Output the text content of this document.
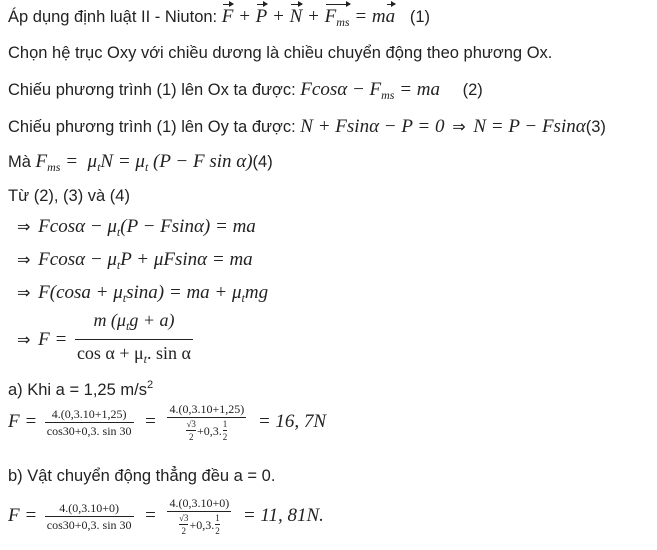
Áp dụng định luật II - Niuton: $F + P + N + F_{ms}$ = ma (1)
Chọn hệ trục Oxy với chiều dương là chiều chuyển động theo phương Ox.
Chiếu phương trình (1) lên Ox ta được: $Fcos\alpha - F_{ms}$ = ma (2)
Chiếu phương trình (1) lên Oy ta được: N + Fsinα − P = 0 ⇒ N = P − Fsinα(3)
Mà $F_{ms} = \mu_tN = \mu_t$ (P − F sin α)(4)
Từ (2), (3) và (4)
⇒ $Fcos\alpha - \mu_t(P - Fsin\alpha)$ = ma
⇒ $Fcos\alpha - \mu_tP + \mu Fsin\alpha$ = ma
⇒ $F(\cos a + \mu_t\sin a)$ = ma + $\mu_tmg$
⇒ $F = \frac{m (\mu_tg + a)}{\cos \alpha + \mu_t. \sin \alpha}$
a) Khi a = 1,25 $m/s^2$
$F = \frac{4.(0,3.10+1,25)}{\cos 30+0,3. \sin 30} = \frac{4.(0,3.10+1,25)}{\frac{√3}{2} +0,3. \frac{1}{2}} = 16$, 7N
b) Vật chuyển động thẳng đều a = 0.
$F = \frac{4.(0,3.10+0)}{\cos 30+0,3. \sin 30} = \frac{4.(0,3.10+0)}{\frac{√3}{2} +0,3. \frac{1}{2}} = 11$, 81N.
